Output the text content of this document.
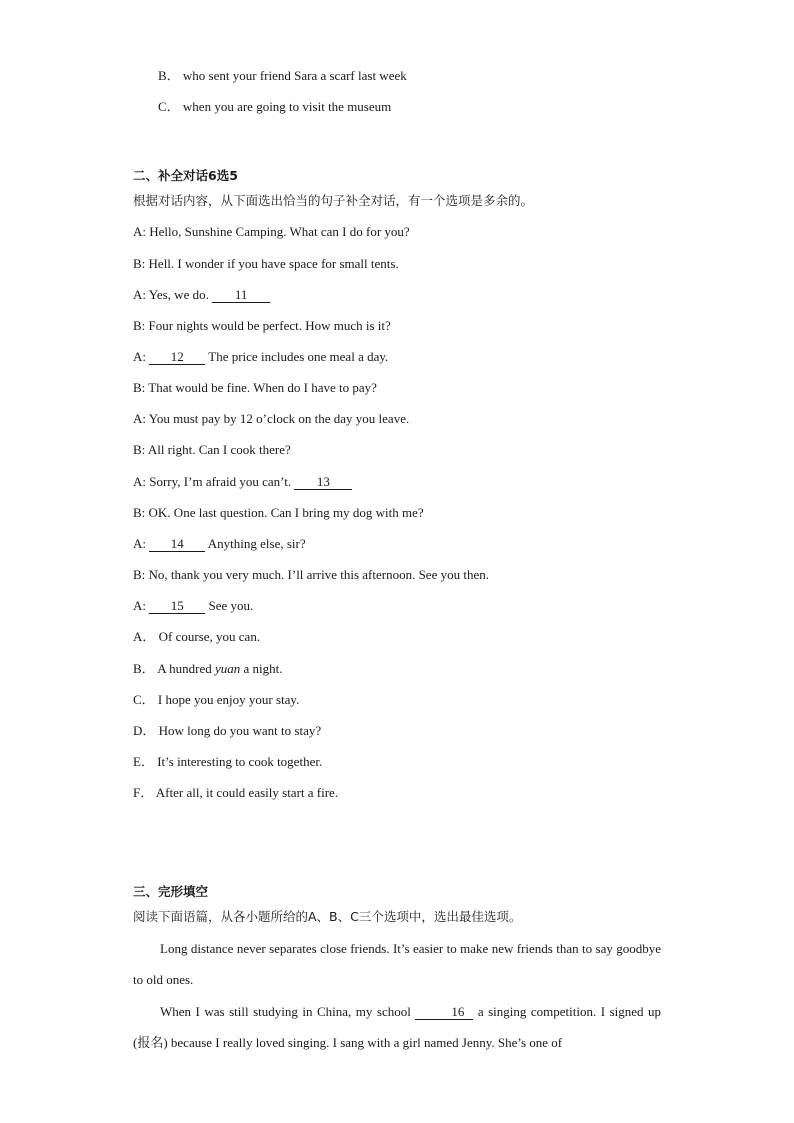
B． who sent your friend Sara a scarf last week
C． when you are going to visit the museum
二、补全对话6选5
根据对话内容，从下面选出恰当的句子补全对话，有一个选项是多余的。
A: Hello, Sunshine Camping. What can I do for you?
B: Hell. I wonder if you have space for small tents.
A: Yes, we do. 11
B: Four nights would be perfect. How much is it?
A: 12 The price includes one meal a day.
B: That would be fine. When do I have to pay?
A: You must pay by 12 o’clock on the day you leave.
B: All right. Can I cook there?
A: Sorry, I’m afraid you can’t. 13
B: OK. One last question. Can I bring my dog with me?
A: 14 Anything else, sir?
B: No, thank you very much. I’ll arrive this afternoon. See you then.
A: 15 See you.
A． Of course, you can.
B． A hundred yuan a night.
C． I hope you enjoy your stay.
D． How long do you want to stay?
E． It’s interesting to cook together.
F． After all, it could easily start a fire.
三、完形填空
阅读下面语篇，从各小题所给的A、B、C三个选项中，选出最佳选项。
Long distance never separates close friends. It’s easier to make new friends than to say goodbye to old ones.
When I was still studying in China, my school	16 a singing competition. I signed up (报名) because I really loved singing. I sang with a girl named Jenny. She’s one of
